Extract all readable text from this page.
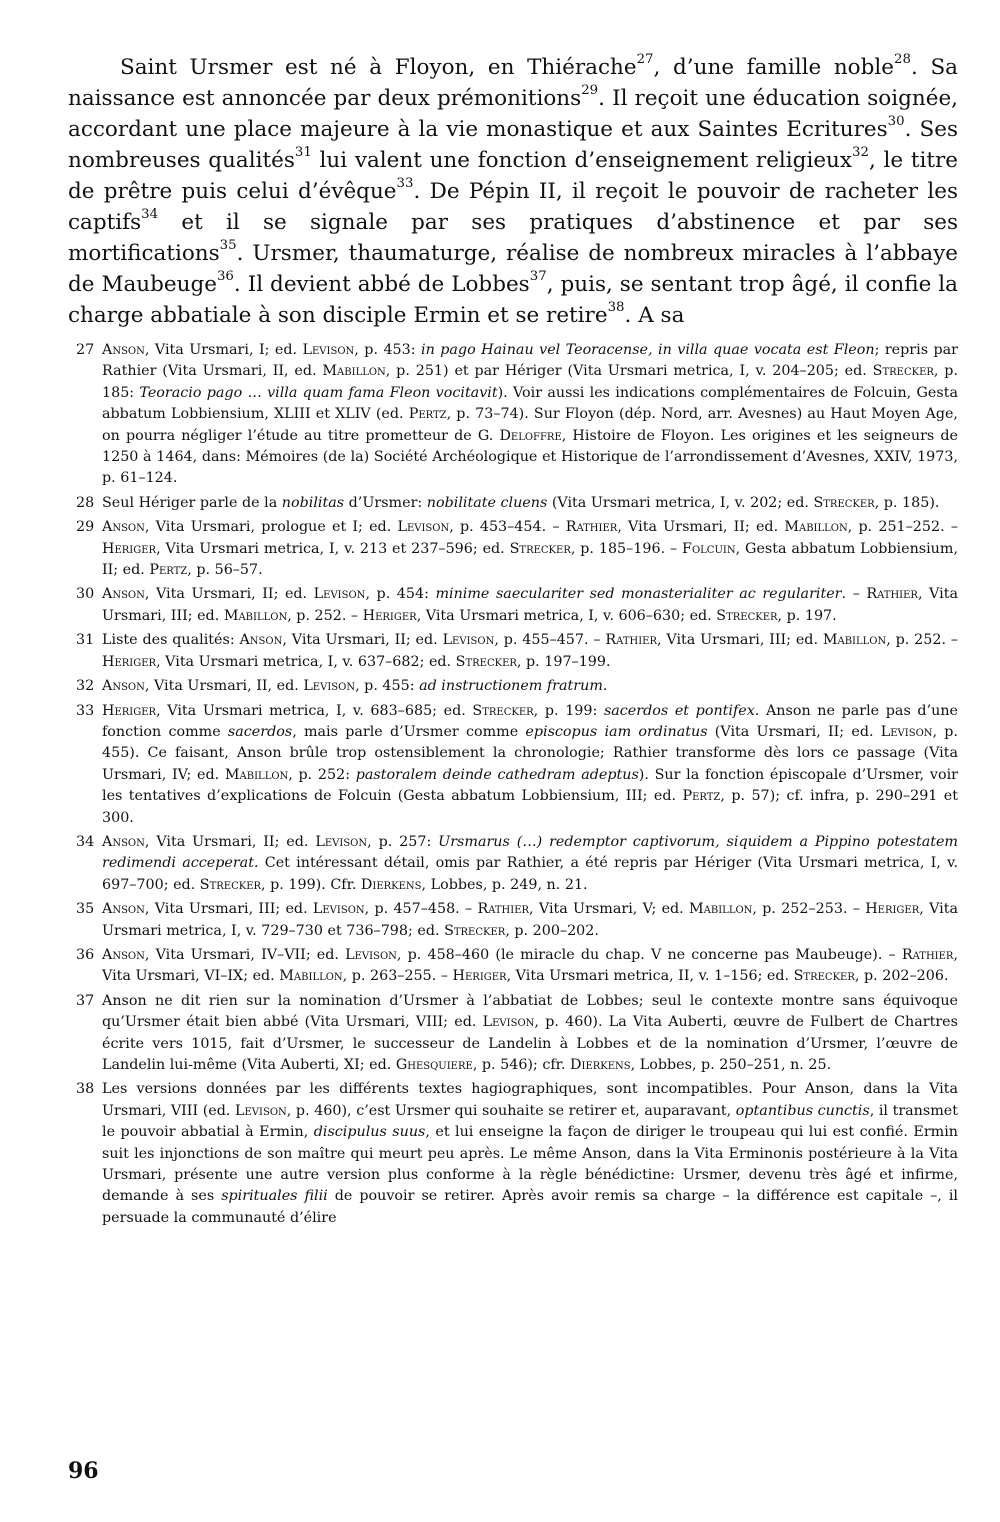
Saint Ursmer est né à Floyon, en Thiérache$^{27}$, d’une famille noble$^{28}$. Sa naissance est annoncée par deux prémonitions$^{29}$. Il reçoit une éducation soignée, accordant une place majeure à la vie monastique et aux Saintes Ecritures$^{30}$. Ses nombreuses qualités$^{31}$ lui valent une fonction d’enseignement religieux$^{32}$, le titre de prêtre puis celui d’évêque$^{33}$. De Pépin II, il reçoit le pouvoir de racheter les captifs$^{34}$ et il se signale par ses pratiques d’abstinence et par ses mortifications$^{35}$. Ursmer, thaumaturge, réalise de nombreux miracles à l’abbaye de Maubeuge$^{36}$. Il devient abbé de Lobbes$^{37}$, puis, se sentant trop âgé, il confie la charge abbatiale à son disciple Ermin et se retire$^{38}$. A sa

27 Anson, Vita Ursmari, I; ed. Levison, p. 453: in pago Hainau vel Teoracense, in villa quae vocata est Fleon; repris par Rathier (Vita Ursmari, II, ed. Mabillon, p. 251) et par Hériger (Vita Ursmari metrica, I, v. 204–205; ed. Strecker, p. 185: Teoracio pago … villa quam fama Fleon vocitavit). Voir aussi les indications complémentaires de Folcuin, Gesta abbatum Lobbiensium, XLIII et XLIV (ed. Pertz, p. 73–74). Sur Floyon (dép. Nord, arr. Avesnes) au Haut Moyen Age, on pourra négliger l’étude au titre prometteur de G. Deloffre, Histoire de Floyon. Les origines et les seigneurs de 1250 à 1464, dans: Mémoires (de la) Société Archéologique et Historique de l’arrondissement d’Avesnes, XXIV, 1973, p. 61–124.
28 Seul Hériger parle de la nobilitas d’Ursmer: nobilitate cluens (Vita Ursmari metrica, I, v. 202; ed. Strecker, p. 185).
29 Anson, Vita Ursmari, prologue et I; ed. Levison, p. 453–454. – Rathier, Vita Ursmari, II; ed. Mabillon, p. 251–252. – Heriger, Vita Ursmari metrica, I, v. 213 et 237–596; ed. Strecker, p. 185–196. – Folcuin, Gesta abbatum Lobbiensium, II; ed. Pertz, p. 56–57.
30 Anson, Vita Ursmari, II; ed. Levison, p. 454: minime saeculariter sed monasterialiter ac regulariter. – Rathier, Vita Ursmari, III; ed. Mabillon, p. 252. – Heriger, Vita Ursmari metrica, I, v. 606–630; ed. Strecker, p. 197.
31 Liste des qualités: Anson, Vita Ursmari, II; ed. Levison, p. 455–457. – Rathier, Vita Ursmari, III; ed. Mabillon, p. 252. – Heriger, Vita Ursmari metrica, I, v. 637–682; ed. Strecker, p. 197–199.
32 Anson, Vita Ursmari, II, ed. Levison, p. 455: ad instructionem fratrum.
33 Heriger, Vita Ursmari metrica, I, v. 683–685; ed. Strecker, p. 199: sacerdos et pontifex. Anson ne parle pas d’une fonction comme sacerdos, mais parle d’Ursmer comme episcopus iam ordinatus (Vita Ursmari, II; ed. Levison, p. 455). Ce faisant, Anson brûle trop ostensiblement la chronologie; Rathier transforme dès lors ce passage (Vita Ursmari, IV; ed. Mabillon, p. 252: pastoralem deinde cathedram adeptus). Sur la fonction épiscopale d’Ursmer, voir les tentatives d’explications de Folcuin (Gesta abbatum Lobbiensium, III; ed. Pertz, p. 57); cf. infra, p. 290–291 et 300.
34 Anson, Vita Ursmari, II; ed. Levison, p. 257: Ursmarus (…) redemptor captivorum, siquidem a Pippino potestatem redimendi acceperat. Cet intéressant détail, omis par Rathier, a été repris par Hériger (Vita Ursmari metrica, I, v. 697–700; ed. Strecker, p. 199). Cfr. Dierkens, Lobbes, p. 249, n. 21.
35 Anson, Vita Ursmari, III; ed. Levison, p. 457–458. – Rathier, Vita Ursmari, V; ed. Mabillon, p. 252–253. – Heriger, Vita Ursmari metrica, I, v. 729–730 et 736–798; ed. Strecker, p. 200–202.
36 Anson, Vita Ursmari, IV–VII; ed. Levison, p. 458–460 (le miracle du chap. V ne concerne pas Maubeuge). – Rathier, Vita Ursmari, VI–IX; ed. Mabillon, p. 263–255. – Heriger, Vita Ursmari metrica, II, v. 1–156; ed. Strecker, p. 202–206.
37 Anson ne dit rien sur la nomination d’Ursmer à l’abbatiat de Lobbes; seul le contexte montre sans équivoque qu’Ursmer était bien abbé (Vita Ursmari, VIII; ed. Levison, p. 460). La Vita Auberti, œuvre de Fulbert de Chartres écrite vers 1015, fait d’Ursmer, le successeur de Landelin à Lobbes et de la nomination d’Ursmer, l’œuvre de Landelin lui-même (Vita Auberti, XI; ed. Ghesquiere, p. 546); cfr. Dierkens, Lobbes, p. 250–251, n. 25.
38 Les versions données par les différents textes hagiographiques, sont incompatibles. Pour Anson, dans la Vita Ursmari, VIII (ed. Levison, p. 460), c’est Ursmer qui souhaite se retirer et, auparavant, optantibus cunctis, il transmet le pouvoir abbatial à Ermin, discipulus suus, et lui enseigne la façon de diriger le troupeau qui lui est confié. Ermin suit les injonctions de son maître qui meurt peu après. Le même Anson, dans la Vita Erminonis postérieure à la Vita Ursmari, présente une autre version plus conforme à la règle bénédictine: Ursmer, devenu très âgé et infirme, demande à ses spirituales filii de pouvoir se retirer. Après avoir remis sa charge – la différence est capitale –, il persuade la communauté d’élire
96
